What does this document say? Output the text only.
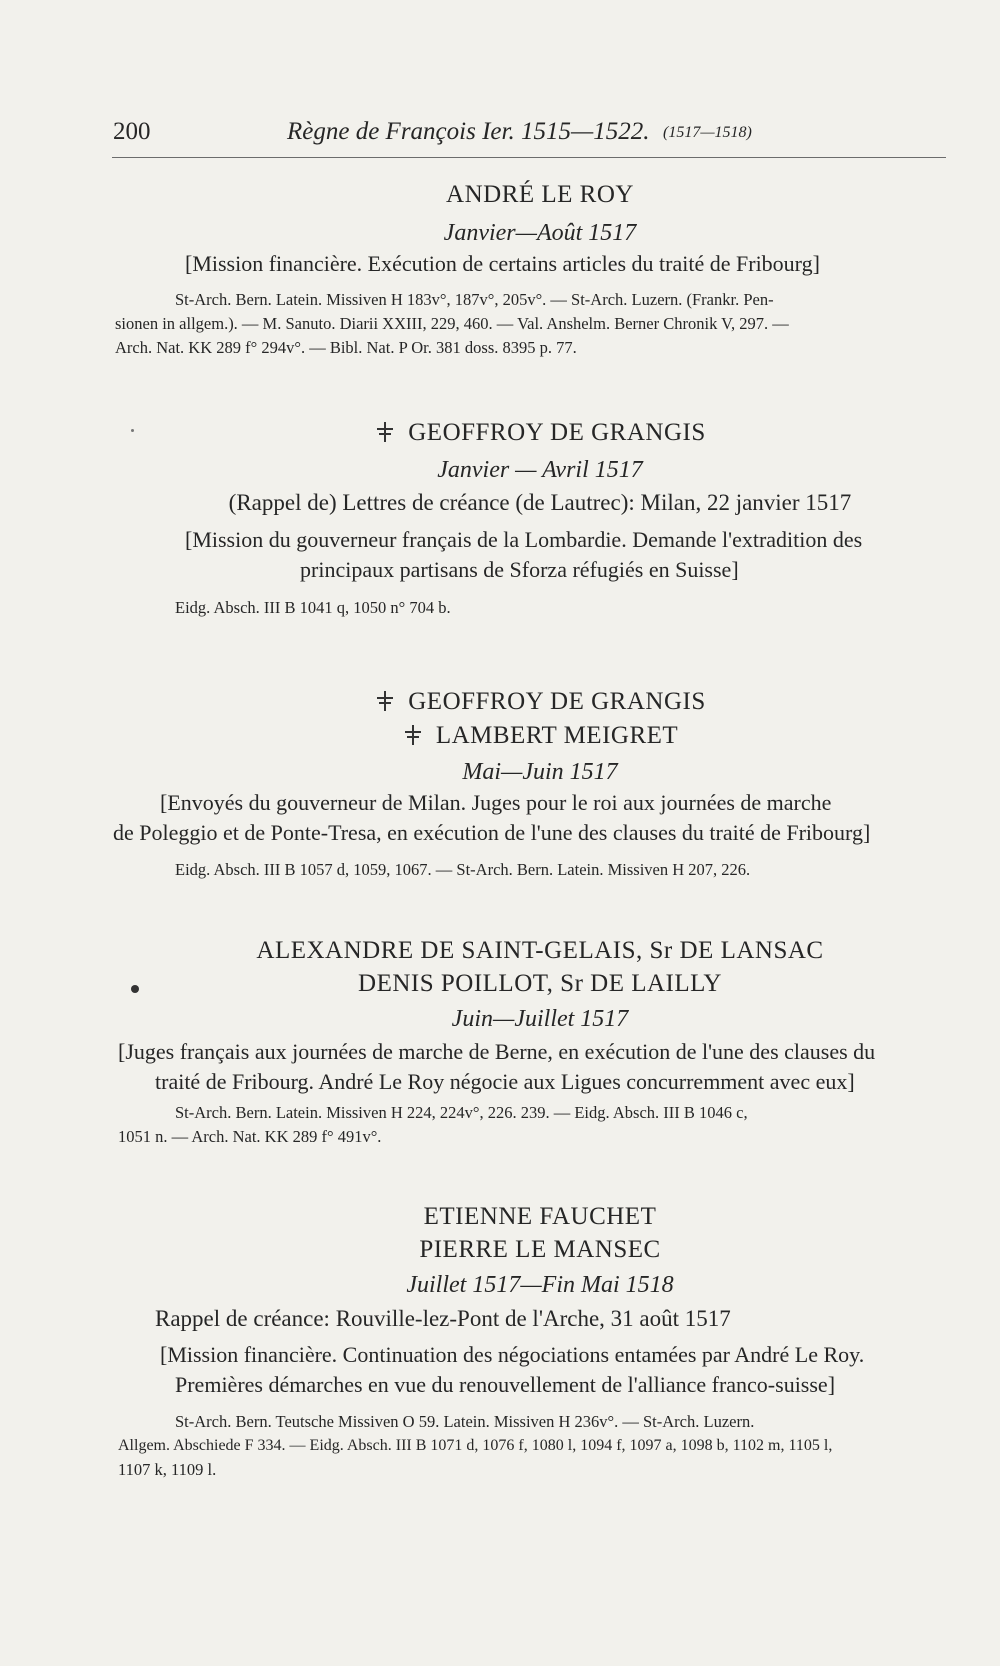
200	Règne de François Ier. 1515—1522. (1517—1518)
ANDRÉ LE ROY
Janvier—Août 1517
[Mission financière. Exécution de certains articles du traité de Fribourg]
St-Arch. Bern. Latein. Missiven H 183v°, 187v°, 205v°. — St-Arch. Luzern. (Frankr. Pen-
sionen in allgem.). — M. Sanuto. Diarii XXIII, 229, 460. — Val. Anshelm. Berner Chronik V, 297. —
Arch. Nat. KK 289 f° 294v°. — Bibl. Nat. P Or. 381 doss. 8395 p. 77.
GEOFFROY DE GRANGIS
Janvier — Avril 1517
(Rappel de) Lettres de créance (de Lautrec): Milan, 22 janvier 1517
[Mission du gouverneur français de la Lombardie. Demande l'extradition des
principaux partisans de Sforza réfugiés en Suisse]
Eidg. Absch. III B 1041 q, 1050 n° 704 b.
GEOFFROY DE GRANGIS
LAMBERT MEIGRET
Mai—Juin 1517
[Envoyés du gouverneur de Milan. Juges pour le roi aux journées de marche
de Poleggio et de Ponte-Tresa, en exécution de l'une des clauses du traité de Fribourg]
Eidg. Absch. III B 1057 d, 1059, 1067. — St-Arch. Bern. Latein. Missiven H 207, 226.
ALEXANDRE DE SAINT-GELAIS, Sr DE LANSAC
DENIS POILLOT, Sr DE LAILLY
Juin—Juillet 1517
[Juges français aux journées de marche de Berne, en exécution de l'une des clauses du
traité de Fribourg. André Le Roy négocie aux Ligues concurremment avec eux]
St-Arch. Bern. Latein. Missiven H 224, 224v°, 226. 239. — Eidg. Absch. III B 1046 c,
1051 n. — Arch. Nat. KK 289 f° 491v°.
ETIENNE FAUCHET
PIERRE LE MANSEC
Juillet 1517—Fin Mai 1518
Rappel de créance: Rouville-lez-Pont de l'Arche, 31 août 1517
[Mission financière. Continuation des négociations entamées par André Le Roy.
Premières démarches en vue du renouvellement de l'alliance franco-suisse]
St-Arch. Bern. Teutsche Missiven O 59. Latein. Missiven H 236v°. — St-Arch. Luzern.
Allgem. Abschiede F 334. — Eidg. Absch. III B 1071 d, 1076 f, 1080 l, 1094 f, 1097 a, 1098 b, 1102 m, 1105 l,
1107 k, 1109 l.
